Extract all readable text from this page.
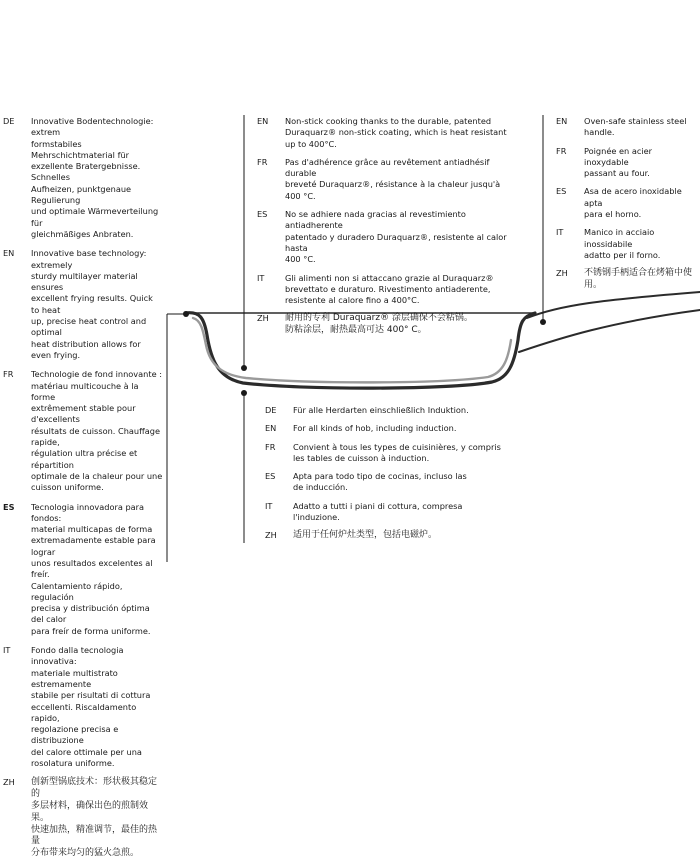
DE	Innovative Bodentechnologie: extrem
formstabiles Mehrschichtmaterial für
exzellente Bratergebnisse. Schnelles
Aufheizen, punktgenaue Regulierung
und optimale Wärmeverteilung für
gleichmäßiges Anbraten.
EN	Innovative base technology: extremely
sturdy multilayer material ensures
excellent frying results. Quick to heat
up, precise heat control and optimal
heat distribution allows for even frying.
FR	Technologie de fond innovante :
matériau multicouche à la forme
extrêmement stable pour d'excellents
résultats de cuisson. Chauffage rapide,
régulation ultra précise et répartition
optimale de la chaleur pour une
cuisson uniforme.
ES	Tecnologia innovadora para fondos:
material multicapas de forma
extremadamente estable para lograr
unos resultados excelentes al freír.
Calentamiento rápido, regulación
precisa y distribución óptima del calor
para freír de forma uniforme.
IT	Fondo dalla tecnologia innovativa:
materiale multistrato estremamente
stabile per risultati di cottura
eccellenti. Riscaldamento rapido,
regolazione precisa e distribuzione
del calore ottimale per una
rosolatura uniforme.
ZH	创新型锅底技术：形状极其稳定的
多层材料，确保出色的煎制效果。
快速加热，精准调节，最佳的热量
分布带来均匀的猛火急煎。
EN	Non-stick cooking thanks to the durable, patented
Duraquarz® non-stick coating, which is heat resistant
up to 400°C.
FR	Pas d'adhérence grâce au revêtement antiadhésif durable
breveté Duraquarz®, résistance à la chaleur jusqu'à 400 °C.
ES	No se adhiere nada gracias al revestimiento antiadherente
patentado y duradero Duraquarz®, resistente al calor hasta
400 °C.
IT	Gli alimenti non si attaccano grazie al Duraquarz®
brevettato e duraturo. Rivestimento antiaderente,
resistente al calore fino a 400°C.
ZH	耐用的专利 Duraquarz® 涂层确保不会粘锅。
防粘涂层，耐热最高可达 400° C。
EN	Oven-safe stainless steel
handle.
FR	Poignée en acier inoxydable
passant au four.
ES	Asa de acero inoxidable apta
para el horno.
IT	Manico in acciaio inossidabile
adatto per il forno.
ZH	不锈钢手柄适合在烤箱中使
用。
DE	Für alle Herdarten einschließlich Induktion.
EN	For all kinds of hob, including induction.
FR	Convient à tous les types de cuisinières, y compris
les tables de cuisson à induction.
ES	Apta para todo tipo de cocinas, incluso las
de inducción.
IT	Adatto a tutti i piani di cottura, compresa
l'induzione.
ZH	适用于任何炉灶类型，包括电磁炉。
